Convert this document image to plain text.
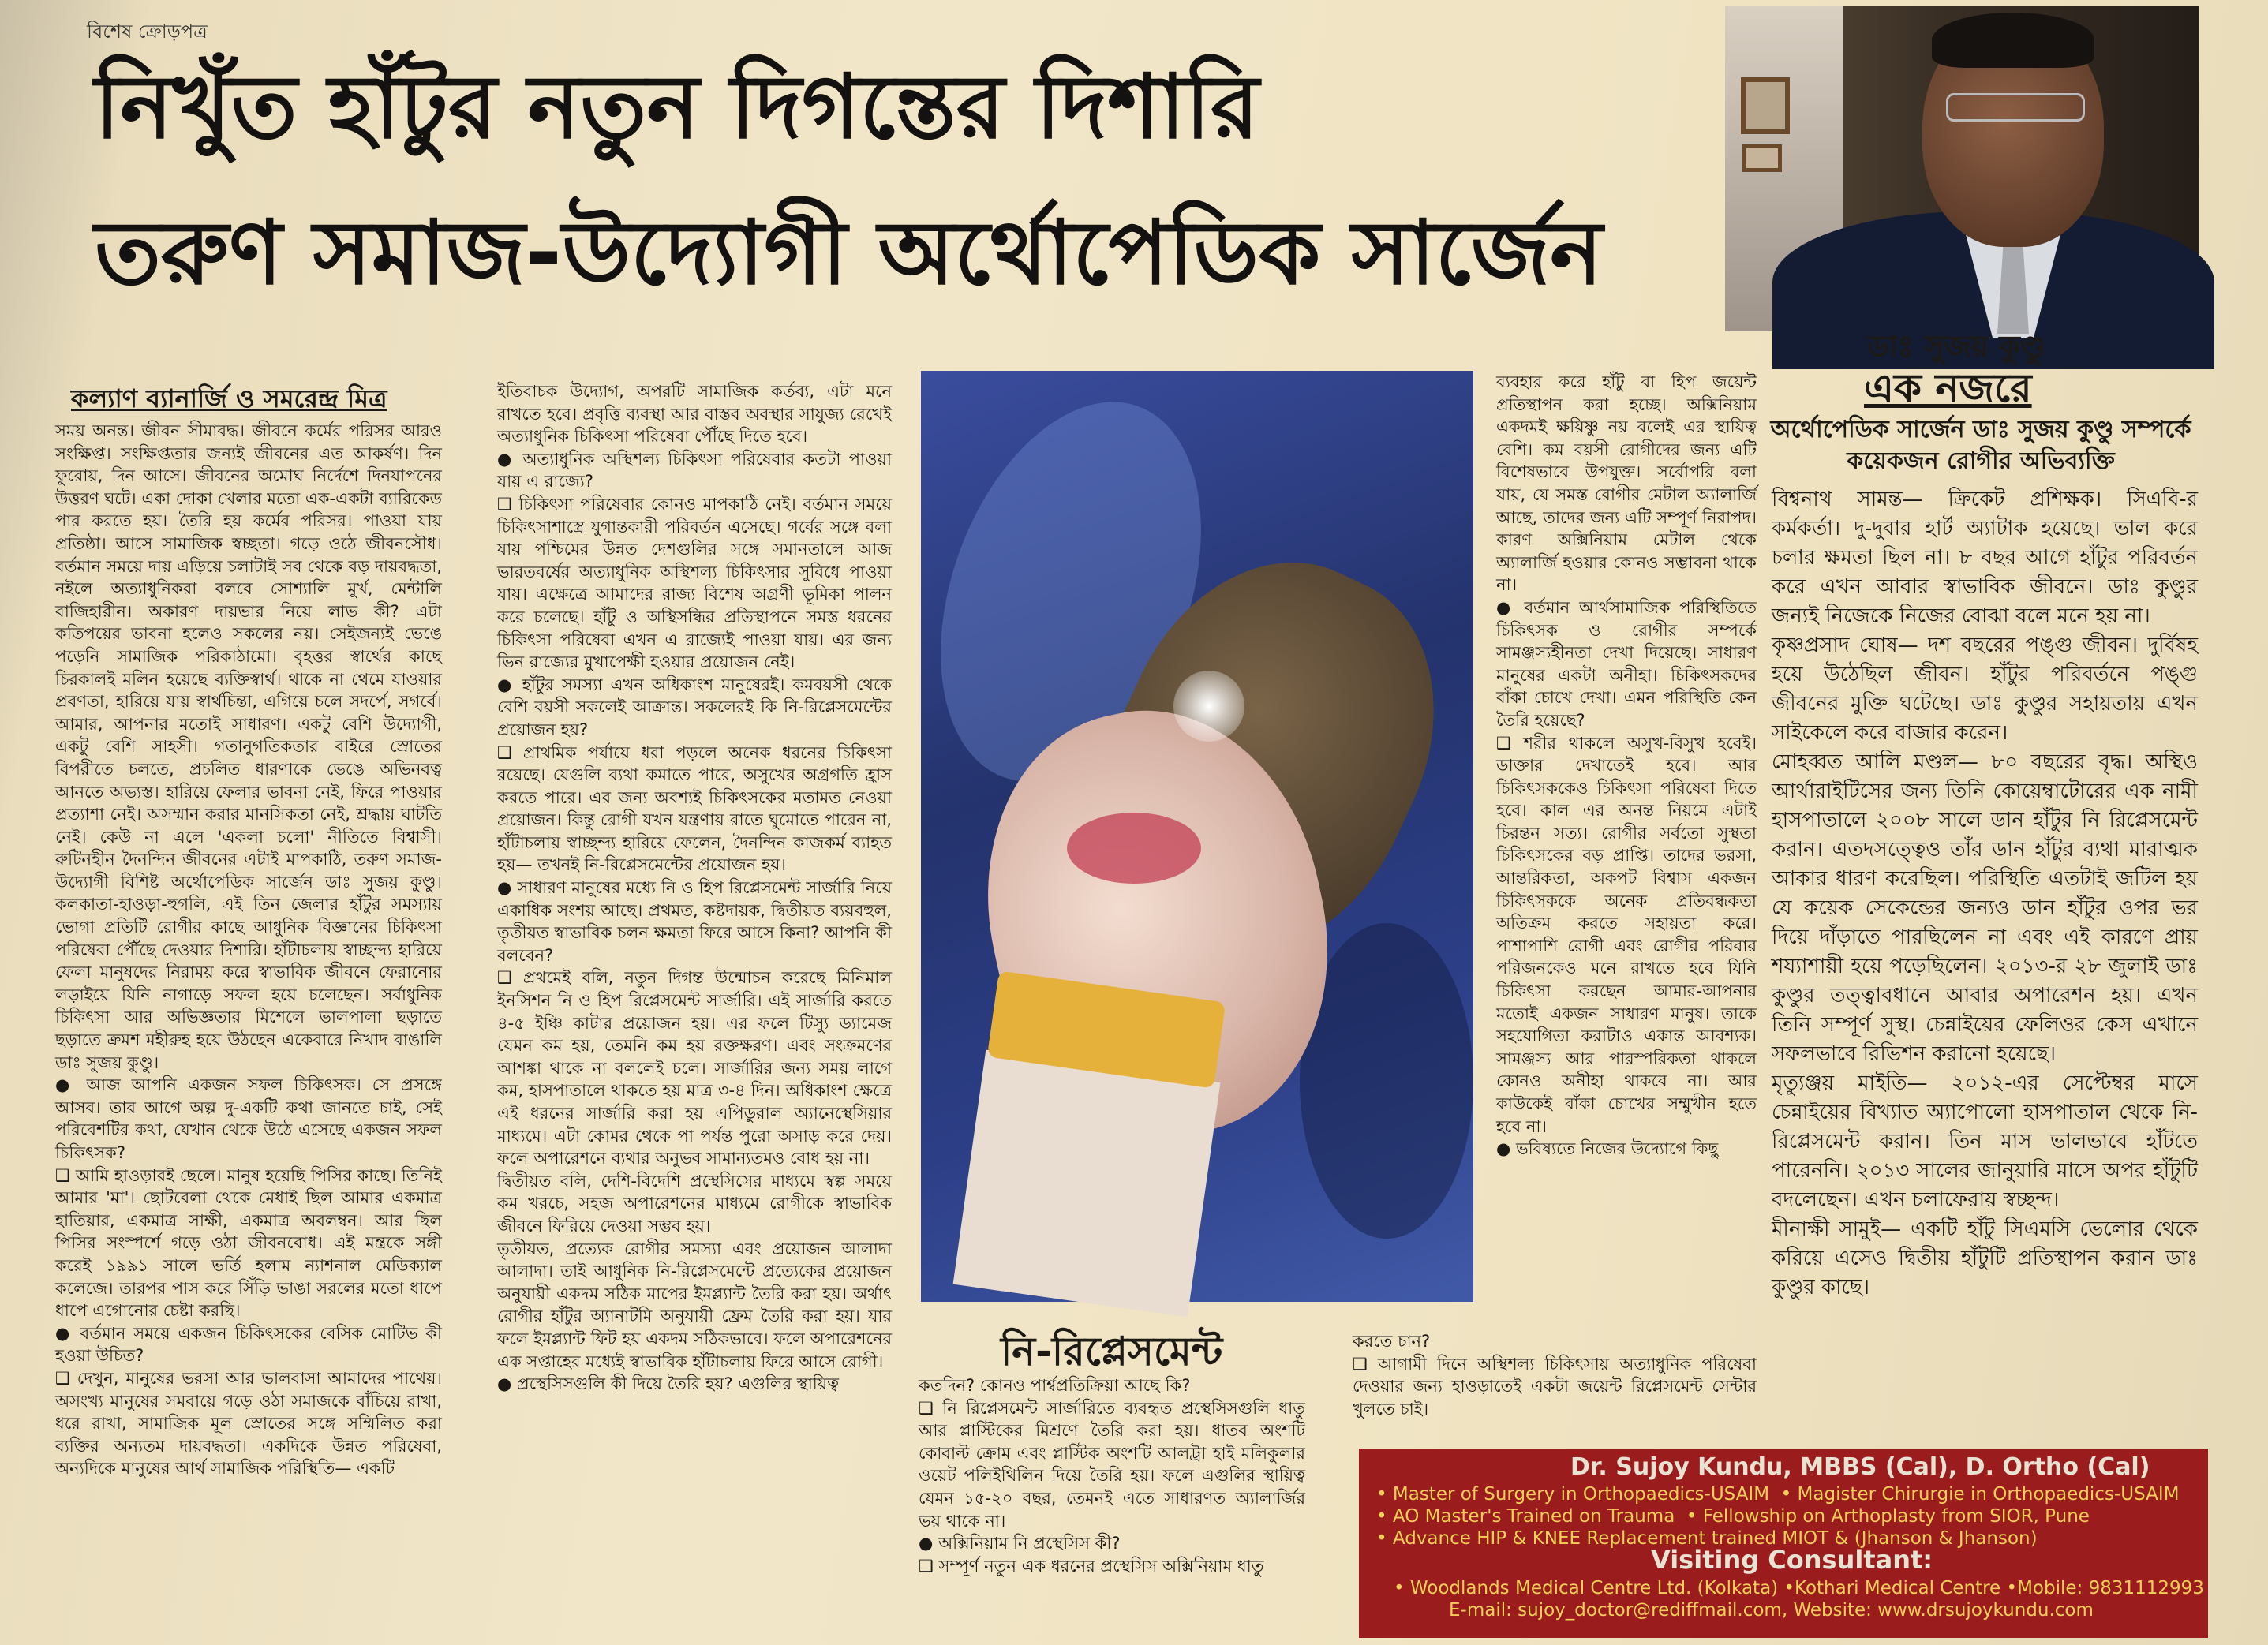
বিশেষ ক্রোড়পত্র
নিখুঁত হাঁটুর নতুন দিগন্তের দিশারি
তরুণ সমাজ-উদ্যোগী অর্থোপেডিক সার্জেন
ডাঃ সুজয় কুণ্ডু
এক নজরে
অর্থোপেডিক সার্জেন ডাঃ সুজয় কুণ্ডু সম্পর্কে কয়েকজন রোগীর অভিব্যক্তি
কল্যাণ ব্যানার্জি ও সমরেন্দ্র মিত্র
সময় অনন্ত। জীবন সীমাবদ্ধ। জীবনে কর্মের পরিসর আরও সংক্ষিপ্ত। সংক্ষিপ্ততার জন্যই জীবনের এত আকর্ষণ। দিন ফুরোয়, দিন আসে। জীবনের অমোঘ নির্দেশে দিনযাপনের উত্তরণ ঘটে। একা দোকা খেলার মতো এক-একটা ব্যারিকেড পার করতে হয়। তৈরি হয় কর্মের পরিসর। পাওয়া যায় প্রতিষ্ঠা। আসে সামাজিক স্বচ্ছতা। গড়ে ওঠে জীবনসৌধ। বর্তমান সময়ে দায় এড়িয়ে চলাটাই সব থেকে বড় দায়বদ্ধতা, নইলে অত্যাধুনিকরা বলবে সোশ্যালি মুর্খ, মেন্টালি বাজিহারীন। অকারণ দায়ভার নিয়ে লাভ কী? এটা কতিপয়ের ভাবনা হলেও সকলের নয়। সেইজন্যই ভেঙে পড়েনি সামাজিক পরিকাঠামো। বৃহত্তর স্বার্থের কাছে চিরকালই মলিন হয়েছে ব্যক্তিস্বার্থ। থাকে না থেমে যাওয়ার প্রবণতা, হারিয়ে যায় স্বার্থচিন্তা, এগিয়ে চলে সদর্পে, সগর্বে। আমার, আপনার মতোই সাধারণ। একটু বেশি উদ্যোগী, একটু বেশি সাহসী। গতানুগতিকতার বাইরে স্রোতের বিপরীতে চলতে, প্রচলিত ধারণাকে ভেঙে অভিনবত্ব আনতে অভ্যস্ত। হারিয়ে ফেলার ভাবনা নেই, ফিরে পাওয়ার প্রত্যাশা নেই। অসম্মান করার মানসিকতা নেই, শ্রদ্ধায় ঘাটতি নেই। কেউ না এলে 'একলা চলো' নীতিতে বিশ্বাসী। রুটিনহীন দৈনন্দিন জীবনের এটাই মাপকাঠি, তরুণ সমাজ-উদ্যোগী বিশিষ্ট অর্থোপেডিক সার্জেন ডাঃ সুজয় কুণ্ডু। কলকাতা-হাওড়া-হুগলি, এই তিন জেলার হাঁটুর সমস্যায় ভোগা প্রতিটি রোগীর কাছে আধুনিক বিজ্ঞানের চিকিৎসা পরিষেবা পৌঁছে দেওয়ার দিশারি। হাঁটাচলায় স্বাচ্ছন্দ্য হারিয়ে ফেলা মানুষদের নিরাময় করে স্বাভাবিক জীবনে ফেরানোর লড়াইয়ে যিনি নাগাড়ে সফল হয়ে চলেছেন। সর্বাধুনিক চিকিৎসা আর অভিজ্ঞতার মিশেলে ভালপালা ছড়াতে ছড়াতে ক্রমশ মহীরুহ হয়ে উঠছেন একেবারে নিখাদ বাঙালি ডাঃ সুজয় কুণ্ডু।
● আজ আপনি একজন সফল চিকিৎসক। সে প্রসঙ্গে আসব। তার আগে অল্প দু-একটি কথা জানতে চাই, সেই পরিবেশটির কথা, যেখান থেকে উঠে এসেছে একজন সফল চিকিৎসক?
❑ আমি হাওড়ারই ছেলে। মানুষ হয়েছি পিসির কাছে। তিনিই আমার 'মা'। ছোটবেলা থেকে মেধাই ছিল আমার একমাত্র হাতিয়ার, একমাত্র সাক্ষী, একমাত্র অবলম্বন। আর ছিল পিসির সংস্পর্শে গড়ে ওঠা জীবনবোধ। এই মন্ত্রকে সঙ্গী করেই ১৯৯১ সালে ভর্তি হলাম ন্যাশনাল মেডিক্যাল কলেজে। তারপর পাস করে সিঁড়ি ভাঙা সরলের মতো ধাপে ধাপে এগোনোর চেষ্টা করছি।
● বর্তমান সময়ে একজন চিকিৎসকের বেসিক মোটিভ কী হওয়া উচিত?
❑ দেখুন, মানুষের ভরসা আর ভালবাসা আমাদের পাথেয়। অসংখ্য মানুষের সমবায়ে গড়ে ওঠা সমাজকে বাঁচিয়ে রাখা, ধরে রাখা, সামাজিক মূল স্রোতের সঙ্গে সম্মিলিত করা ব্যক্তির অন্যতম দায়বদ্ধতা। একদিকে উন্নত পরিষেবা, অন্যদিকে মানুষের আর্থ সামাজিক পরিস্থিতি— একটি
ইতিবাচক উদ্যোগ, অপরটি সামাজিক কর্তব্য, এটা মনে রাখতে হবে। প্রবৃত্তি ব্যবস্থা আর বাস্তব অবস্থার সাযুজ্য রেখেই অত্যাধুনিক চিকিৎসা পরিষেবা পৌঁছে দিতে হবে।
● অত্যাধুনিক অস্থিশল্য চিকিৎসা পরিষেবার কতটা পাওয়া যায় এ রাজ্যে?
❑ চিকিৎসা পরিষেবার কোনও মাপকাঠি নেই। বর্তমান সময়ে চিকিৎসাশাস্ত্রে যুগান্তকারী পরিবর্তন এসেছে। গর্বের সঙ্গে বলা যায় পশ্চিমের উন্নত দেশগুলির সঙ্গে সমানতালে আজ ভারতবর্ষের অত্যাধুনিক অস্থিশল্য চিকিৎসার সুবিধে পাওয়া যায়। এক্ষেত্রে আমাদের রাজ্য বিশেষ অগ্রণী ভূমিকা পালন করে চলেছে। হাঁটু ও অস্থিসন্ধির প্রতিস্থাপনে সমস্ত ধরনের চিকিৎসা পরিষেবা এখন এ রাজ্যেই পাওয়া যায়। এর জন্য ভিন রাজ্যের মুখাপেক্ষী হওয়ার প্রয়োজন নেই।
● হাঁটুর সমস্যা এখন অধিকাংশ মানুষেরই। কমবয়সী থেকে বেশি বয়সী সকলেই আক্রান্ত। সকলেরই কি নি-রিপ্লেসমেন্টের প্রয়োজন হয়?
❑ প্রাথমিক পর্যায়ে ধরা পড়লে অনেক ধরনের চিকিৎসা রয়েছে। যেগুলি ব্যথা কমাতে পারে, অসুখের অগ্রগতি হ্রাস করতে পারে। এর জন্য অবশ্যই চিকিৎসকের মতামত নেওয়া প্রয়োজন। কিন্তু রোগী যখন যন্ত্রণায় রাতে ঘুমোতে পারেন না, হাঁটাচলায় স্বাচ্ছন্দ্য হারিয়ে ফেলেন, দৈনন্দিন কাজকর্ম ব্যাহত হয়— তখনই নি-রিপ্লেসমেন্টের প্রয়োজন হয়।
● সাধারণ মানুষের মধ্যে নি ও হিপ রিপ্লেসমেন্ট সার্জারি নিয়ে একাধিক সংশয় আছে। প্রথমত, কষ্টদায়ক, দ্বিতীয়ত ব্যয়বহুল, তৃতীয়ত স্বাভাবিক চলন ক্ষমতা ফিরে আসে কিনা? আপনি কী বলবেন?
❑ প্রথমেই বলি, নতুন দিগন্ত উন্মোচন করেছে মিনিমাল ইনসিশন নি ও হিপ রিপ্লেসমেন্ট সার্জারি। এই সার্জারি করতে ৪-৫ ইঞ্চি কাটার প্রয়োজন হয়। এর ফলে টিস্যু ড্যামেজ যেমন কম হয়, তেমনি কম হয় রক্তক্ষরণ। এবং সংক্রমণের আশঙ্কা থাকে না বললেই চলে। সার্জারির জন্য সময় লাগে কম, হাসপাতালে থাকতে হয় মাত্র ৩-৪ দিন। অধিকাংশ ক্ষেত্রে এই ধরনের সার্জারি করা হয় এপিডুরাল অ্যানেস্থেসিয়ার মাধ্যমে। এটা কোমর থেকে পা পর্যন্ত পুরো অসাড় করে দেয়। ফলে অপারেশনে ব্যথার অনুভব সামান্যতমও বোধ হয় না।
দ্বিতীয়ত বলি, দেশি-বিদেশি প্রস্থেসিসের মাধ্যমে স্বল্প সময়ে কম খরচে, সহজ অপারেশনের মাধ্যমে রোগীকে স্বাভাবিক জীবনে ফিরিয়ে দেওয়া সম্ভব হয়।
তৃতীয়ত, প্রত্যেক রোগীর সমস্যা এবং প্রয়োজন আলাদা আলাদা। তাই আধুনিক নি-রিপ্লেসমেন্টে প্রত্যেকের প্রয়োজন অনুযায়ী একদম সঠিক মাপের ইমপ্ল্যান্ট তৈরি করা হয়। অর্থাৎ রোগীর হাঁটুর অ্যানাটমি অনুযায়ী ফ্রেম তৈরি করা হয়। যার ফলে ইমপ্ল্যান্ট ফিট হয় একদম সঠিকভাবে। ফলে অপারেশনের এক সপ্তাহের মধ্যেই স্বাভাবিক হাঁটাচলায় ফিরে আসে রোগী।
● প্রস্থেসিসগুলি কী দিয়ে তৈরি হয়? এগুলির স্থায়িত্ব
ব্যবহার করে হাঁটু বা হিপ জয়েন্ট প্রতিস্থাপন করা হচ্ছে। অক্সিনিয়াম একদমই ক্ষয়িষ্ণু নয় বলেই এর স্থায়িত্ব বেশি। কম বয়সী রোগীদের জন্য এটি বিশেষভাবে উপযুক্ত। সর্বোপরি বলা যায়, যে সমস্ত রোগীর মেটাল অ্যালার্জি আছে, তাদের জন্য এটি সম্পূর্ণ নিরাপদ। কারণ অক্সিনিয়াম মেটাল থেকে অ্যালার্জি হওয়ার কোনও সম্ভাবনা থাকে না।
● বর্তমান আর্থসামাজিক পরিস্থিতিতে চিকিৎসক ও রোগীর সম্পর্কে সামঞ্জস্যহীনতা দেখা দিয়েছে। সাধারণ মানুষের একটা অনীহা। চিকিৎসকদের বাঁকা চোখে দেখা। এমন পরিস্থিতি কেন তৈরি হয়েছে?
❑ শরীর থাকলে অসুখ-বিসুখ হবেই। ডাক্তার দেখাতেই হবে। আর চিকিৎসককেও চিকিৎসা পরিষেবা দিতে হবে। কাল এর অনন্ত নিয়মে এটাই চিরন্তন সত্য। রোগীর সর্বতো সুস্থতা চিকিৎসকের বড় প্রাপ্তি। তাদের ভরসা, আন্তরিকতা, অকপট বিশ্বাস একজন চিকিৎসককে অনেক প্রতিবন্ধকতা অতিক্রম করতে সহায়তা করে। পাশাপাশি রোগী এবং রোগীর পরিবার পরিজনকেও মনে রাখতে হবে যিনি চিকিৎসা করছেন আমার-আপনার মতোই একজন সাধারণ মানুষ। তাকে সহযোগিতা করাটাও একান্ত আবশ্যক। সামঞ্জস্য আর পারস্পরিকতা থাকলে কোনও অনীহা থাকবে না। আর কাউকেই বাঁকা চোখের সম্মুখীন হতে হবে না।
● ভবিষ্যতে নিজের উদ্যোগে কিছু
নি-রিপ্লেসমেন্ট
কতদিন? কোনও পার্শ্বপ্রতিক্রিয়া আছে কি?
❑ নি রিপ্লেসমেন্ট সার্জারিতে ব্যবহৃত প্রস্থেসিসগুলি ধাতু আর প্লাস্টিকের মিশ্রণে তৈরি করা হয়। ধাতব অংশটি কোবাল্ট ক্রোম এবং প্লাস্টিক অংশটি আলট্রা হাই মলিকুলার ওয়েট পলিইথিলিন দিয়ে তৈরি হয়। ফলে এগুলির স্থায়িত্ব যেমন ১৫-২০ বছর, তেমনই এতে সাধারণত অ্যালার্জির ভয় থাকে না।
● অক্সিনিয়াম নি প্রস্থেসিস কী?
❑ সম্পূর্ণ নতুন এক ধরনের প্রস্থেসিস অক্সিনিয়াম ধাতু
করতে চান?
❑ আগামী দিনে অস্থিশল্য চিকিৎসায় অত্যাধুনিক পরিষেবা দেওয়ার জন্য হাওড়াতেই একটা জয়েন্ট রিপ্লেসমেন্ট সেন্টার খুলতে চাই।
বিশ্বনাথ সামন্ত— ক্রিকেট প্রশিক্ষক। সিএবি-র কর্মকর্তা। দু-দুবার হার্ট অ্যাটাক হয়েছে। ভাল করে চলার ক্ষমতা ছিল না। ৮ বছর আগে হাঁটুর পরিবর্তন করে এখন আবার স্বাভাবিক জীবনে। ডাঃ কুণ্ডুর জন্যই নিজেকে নিজের বোঝা বলে মনে হয় না।
কৃষ্ণপ্রসাদ ঘোষ— দশ বছরের পঙ্গু জীবন। দুর্বিষহ হয়ে উঠেছিল জীবন। হাঁটুর পরিবর্তনে পঙ্গু জীবনের মুক্তি ঘটেছে। ডাঃ কুণ্ডুর সহায়তায় এখন সাইকেলে করে বাজার করেন।
মোহব্বত আলি মণ্ডল— ৮০ বছরের বৃদ্ধ। অস্থিও আর্থারাইটিসের জন্য তিনি কোয়েম্বাটোরের এক নামী হাসপাতালে ২০০৮ সালে ডান হাঁটুর নি রিপ্লেসমেন্ট করান। এতদসত্ত্বেও তাঁর ডান হাঁটুর ব্যথা মারাত্মক আকার ধারণ করেছিল। পরিস্থিতি এতটাই জটিল হয় যে কয়েক সেকেন্ডের জন্যও ডান হাঁটুর ওপর ভর দিয়ে দাঁড়াতে পারছিলেন না এবং এই কারণে প্রায় শয্যাশায়ী হয়ে পড়েছিলেন। ২০১৩-র ২৮ জুলাই ডাঃ কুণ্ডুর তত্ত্বাবধানে আবার অপারেশন হয়। এখন তিনি সম্পূর্ণ সুস্থ। চেন্নাইয়ের ফেলিওর কেস এখানে সফলভাবে রিভিশন করানো হয়েছে।
মৃত্যুঞ্জয় মাইতি— ২০১২-এর সেপ্টেম্বর মাসে চেন্নাইয়ের বিখ্যাত অ্যাপোলো হাসপাতাল থেকে নি-রিপ্লেসমেন্ট করান। তিন মাস ভালভাবে হাঁটতে পারেননি। ২০১৩ সালের জানুয়ারি মাসে অপর হাঁটুটি বদলেছেন। এখন চলাফেরায় স্বচ্ছন্দ।
মীনাক্ষী সামুই— একটি হাঁটু সিএমসি ভেলোর থেকে করিয়ে এসেও দ্বিতীয় হাঁটুটি প্রতিস্থাপন করান ডাঃ কুণ্ডুর কাছে।
Dr. Sujoy Kundu, MBBS (Cal), D. Ortho (Cal)
• Master of Surgery in Orthopaedics-USAIM  • Magister Chirurgie in Orthopaedics-USAIM
• AO Master's Trained on Trauma  • Fellowship on Arthoplasty from SIOR, Pune
• Advance HIP & KNEE Replacement trained MIOT & (Jhanson & Jhanson)
Visiting Consultant:
• Woodlands Medical Centre Ltd. (Kolkata) •Kothari Medical Centre •Mobile: 9831112993
E-mail: sujoy_doctor@rediffmail.com, Website: www.drsujoykundu.com
